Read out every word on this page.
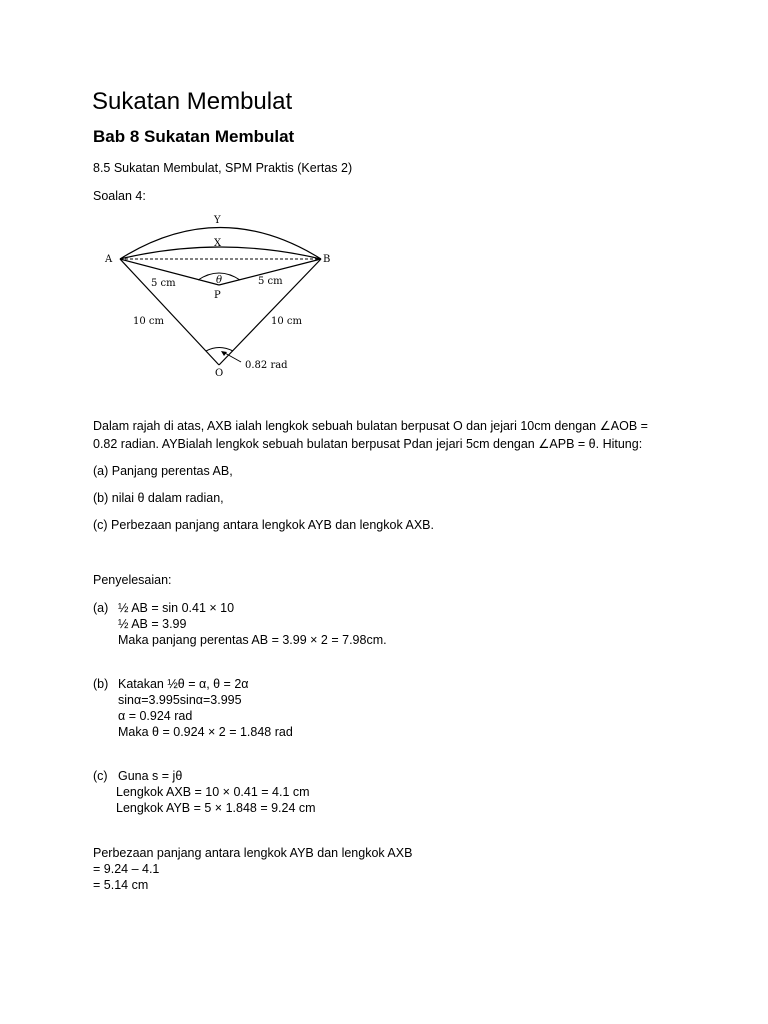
Sukatan Membulat
Bab 8 Sukatan Membulat
8.5 Sukatan Membulat, SPM Praktis (Kertas 2)
Soalan 4:
Y
X
A	B
θ
P
5 cm	5 cm
10 cm	10 cm
O
0.82 rad
Dalam rajah di atas, AXB ialah lengkok sebuah bulatan berpusat O dan jejari 10cm dengan ∠AOB =
0.82 radian. AYBialah lengkok sebuah bulatan berpusat Pdan jejari 5cm dengan ∠APB = θ. Hitung:
(a) Panjang perentas AB,
(b) nilai θ dalam radian,
(c) Perbezaan panjang antara lengkok AYB dan lengkok AXB.
Penyelesaian:
(a) ½ AB = sin 0.41 × 10
½ AB = 3.99
Maka panjang perentas AB = 3.99 × 2 = 7.98cm.
(b) Katakan ½θ = α, θ = 2α
sinα=3.995sinα=3.995
α = 0.924 rad
Maka θ = 0.924 × 2 = 1.848 rad
(c) Guna s = jθ
Lengkok AXB = 10 × 0.41 = 4.1 cm
Lengkok AYB = 5 × 1.848 = 9.24 cm
Perbezaan panjang antara lengkok AYB dan lengkok AXB
= 9.24 – 4.1
= 5.14 cm
